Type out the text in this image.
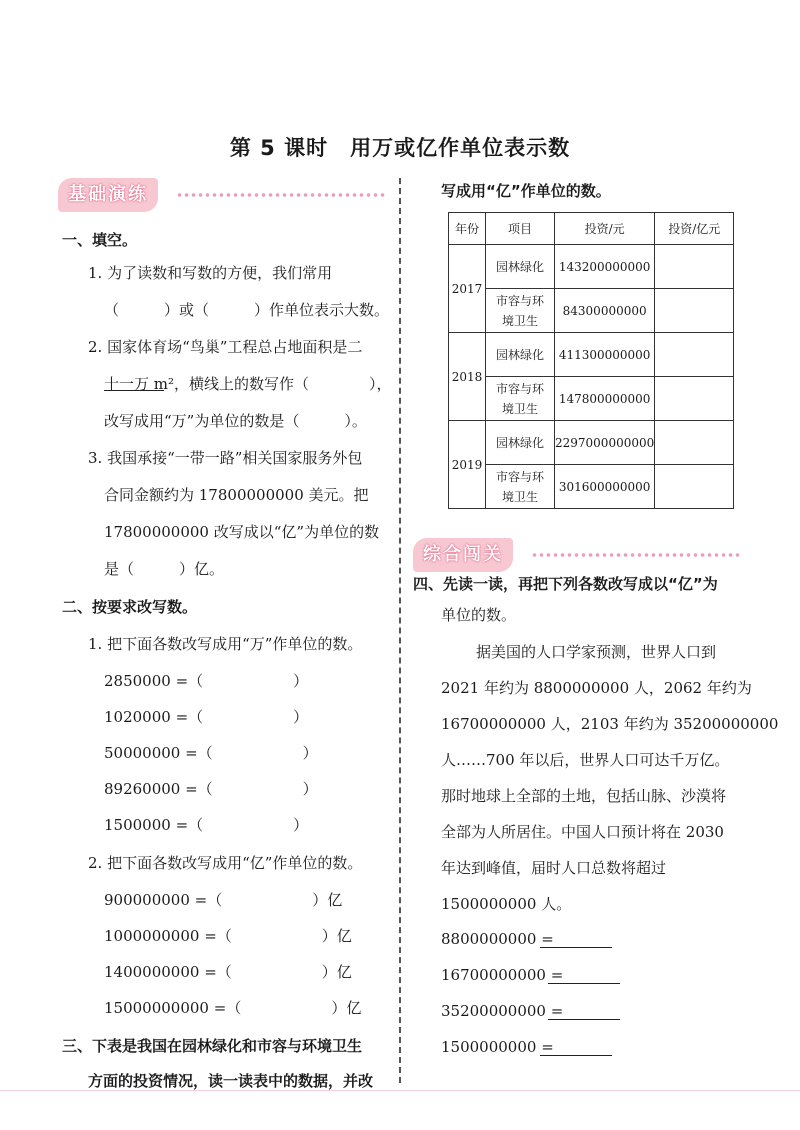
第 5 课时　用万或亿作单位表示数
基础演练
一、填空。
1. 为了读数和写数的方便，我们常用
（　　　）或（　　　）作单位表示大数。
2. 国家体育场“鸟巢”工程总占地面积是二
十一万 m²，横线上的数写作（　　　　），
改写成用“万”为单位的数是（　　　）。
3. 我国承接“一带一路”相关国家服务外包
合同金额约为 17800000000 美元。把
17800000000 改写成以“亿”为单位的数
是（　　　）亿。
二、按要求改写数。
1. 把下面各数改写成用“万”作单位的数。
2850000 =（　　　　　　）
1020000 =（　　　　　　）
50000000 =（　　　　　　）
89260000 =（　　　　　　）
1500000 =（　　　　　　）
2. 把下面各数改写成用“亿”作单位的数。
900000000 =（　　　　　　）亿
1000000000 =（　　　　　　）亿
1400000000 =（　　　　　　）亿
15000000000 =（　　　　　　）亿
三、下表是我国在园林绿化和市容与环境卫生
方面的投资情况，读一读表中的数据，并改
写成用“亿”作单位的数。
年份	项目	投资/元	投资/亿元
2017	园林绿化	143200000000	
	市容与环境卫生	84300000000	
2018	园林绿化	411300000000	
	市容与环境卫生	147800000000	
2019	园林绿化	2297000000000	
	市容与环境卫生	301600000000	
综合闯关
四、先读一读，再把下列各数改写成以“亿”为
单位的数。
据美国的人口学家预测，世界人口到
2021 年约为 8800000000 人，2062 年约为
16700000000 人，2103 年约为 35200000000
人……700 年以后，世界人口可达千万亿。
那时地球上全部的土地，包括山脉、沙漠将
全部为人所居住。中国人口预计将在 2030
年达到峰值，届时人口总数将超过
1500000000 人。
8800000000 =
16700000000 =
35200000000 =
1500000000 =
